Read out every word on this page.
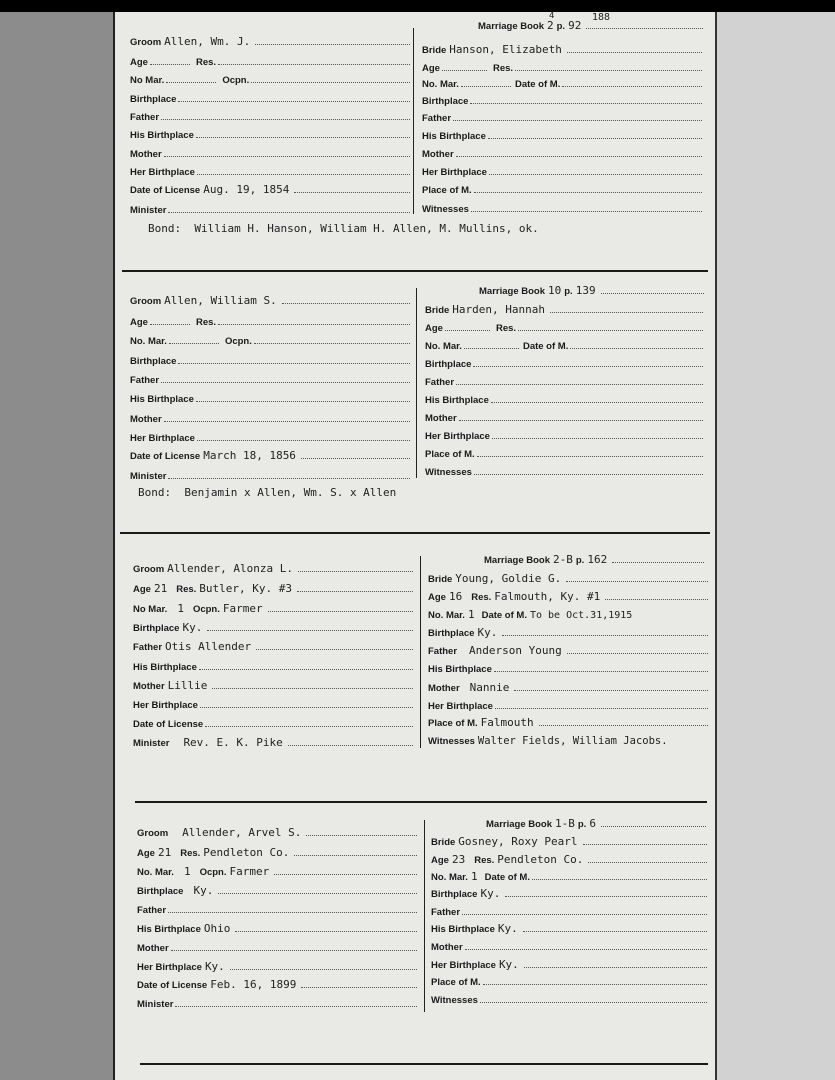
188
Groom Allen, Wm. J.
Age	Res.
No Mar.	Ocpn.
Birthplace
Father
His Birthplace
Mother
Her Birthplace
Date of License Aug. 19, 1854
Minister
Marriage Book
4
2 p. 92
Bride Hanson, Elizabeth
Age	Res.
No. Mar.	Date of M.
Birthplace
Father
His Birthplace
Mother
Her Birthplace
Place of M.
Witnesses
Bond: William H. Hanson, William H. Allen, M. Mullins, ok.
Marriage Book 10 p. 139
Groom Allen, William S.
Age	Res.
No. Mar.	Ocpn.
Birthplace
Father
His Birthplace
Mother
Her Birthplace
Date of License March 18, 1856
Minister
Bride Harden, Hannah
Age	Res.
No. Mar.	Date of M.
Birthplace
Father
His Birthplace
Mother
Her Birthplace
Place of M.
Witnesses
Bond: Benjamin x Allen, Wm. S. x Allen
Marriage Book 2-B p. 162
Groom Allender, Alonza L.
Age 21 Res. Butler, Ky. #3
No Mar. 1 Ocpn. Farmer
Birthplace Ky.
Father Otis Allender
His Birthplace
Mother Lillie
Her Birthplace
Date of License
Minister Rev. E. K. Pike
Bride Young, Goldie G.
Age 16 Res. Falmouth, Ky. #1
No. Mar. 1 Date of M. To be Oct.31,1915
Birthplace Ky.
Father Anderson Young
His Birthplace
Mother Nannie
Her Birthplace
Place of M. Falmouth
Witnesses Walter Fields, William Jacobs.
Marriage Book 1-B p. 6
Groom Allender, Arvel S.
Age 21 Res. Pendleton Co.
No. Mar. 1 Ocpn. Farmer
Birthplace Ky.
Father
His Birthplace Ohio
Mother
Her Birthplace Ky.
Date of License Feb. 16, 1899
Minister
Bride Gosney, Roxy Pearl
Age 23 Res. Pendleton Co.
No. Mar. 1 Date of M.
Birthplace Ky.
Father
His Birthplace Ky.
Mother
Her Birthplace Ky.
Place of M.
Witnesses
